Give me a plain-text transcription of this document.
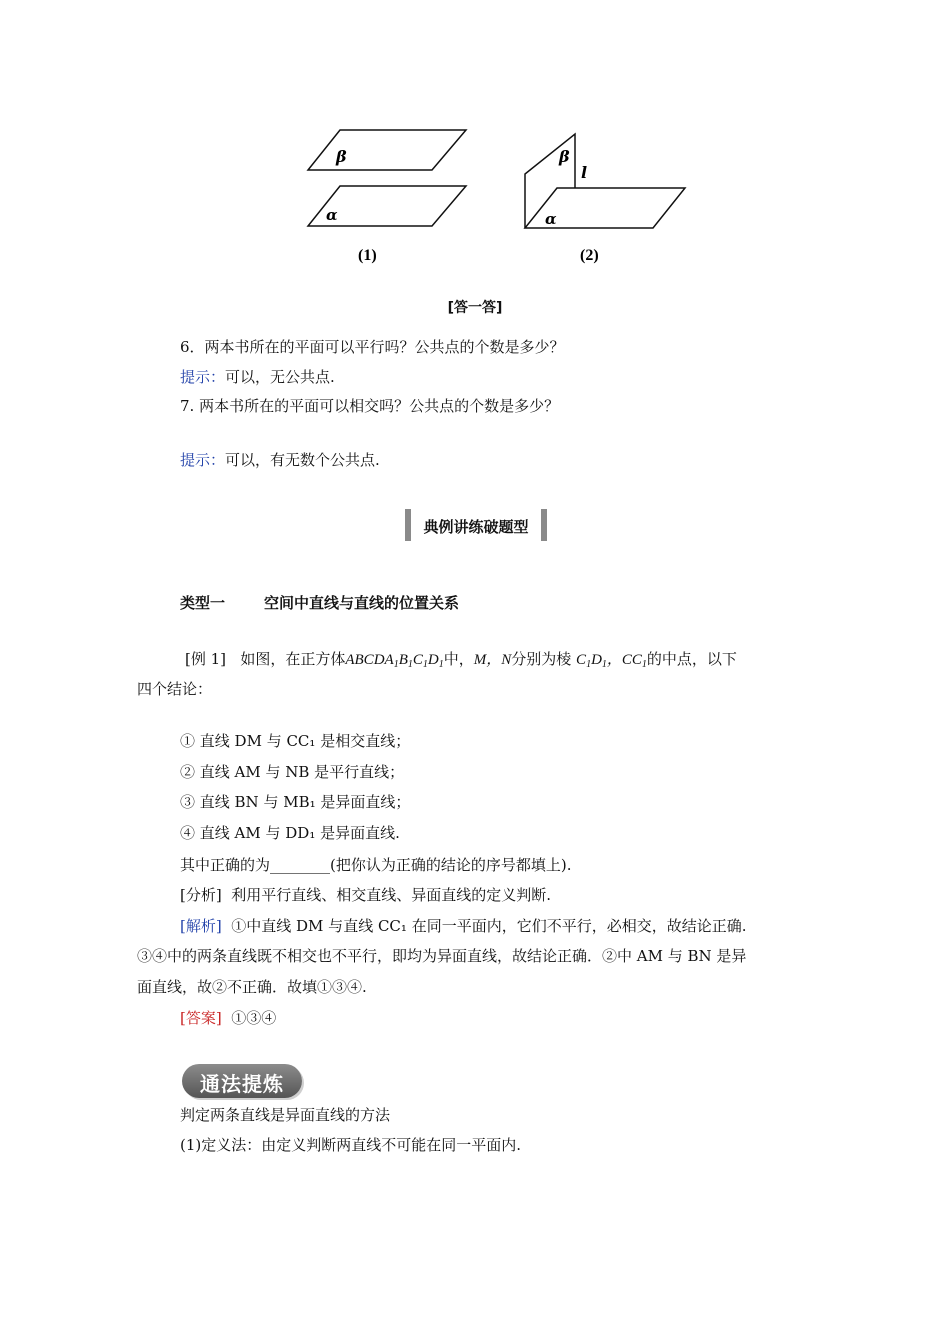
β
α
(1)
β
l
α
(2)
[答一答]
6．两本书所在的平面可以平行吗？公共点的个数是多少？
提示：可以，无公共点.
7. 两本书所在的平面可以相交吗？公共点的个数是多少？
提示：可以，有无数个公共点.
典例讲练破题型
类型一	空间中直线与直线的位置关系
[例 1] 如图，在正方体$ABCDA_1B_1C_1D_1$中，M，N分别为棱 $C_1D_1$，$CC_1$的中点，以下
四个结论：
① 直线 DM 与 CC₁ 是相交直线；
② 直线 AM 与 NB 是平行直线；
③ 直线 BN 与 MB₁ 是异面直线；
④ 直线 AM 与 DD₁ 是异面直线.
其中正确的为________(把你认为正确的结论的序号都填上).
[分析] 利用平行直线、相交直线、异面直线的定义判断.
[解析] ①中直线 DM 与直线 CC₁ 在同一平面内，它们不平行，必相交，故结论正确.
③④中的两条直线既不相交也不平行，即均为异面直线，故结论正确．②中 AM 与 BN 是异
面直线，故②不正确．故填①③④.
[答案] ①③④
通法提炼
判定两条直线是异面直线的方法
(1)定义法：由定义判断两直线不可能在同一平面内.
